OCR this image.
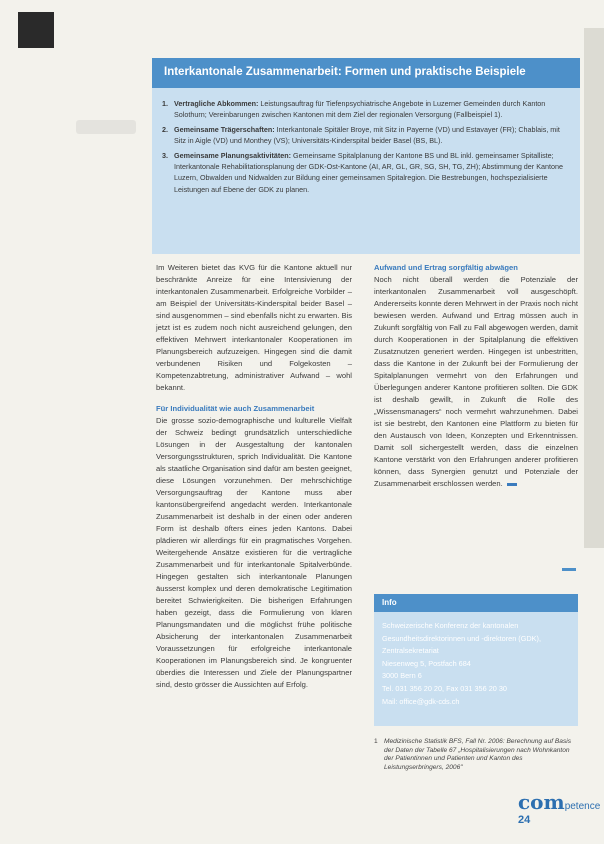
Interkantonale Zusammenarbeit: Formen und praktische Beispiele
1. Vertragliche Abkommen: Leistungsauftrag für Tiefenpsychiatrische Angebote in Luzerner Gemeinden durch Kanton Solothurn; Vereinbarungen zwischen Kantonen mit dem Ziel der regionalen Versorgung (Fallbeispiel 1).
2. Gemeinsame Trägerschaften: Interkantonale Spitäler Broye, mit Sitz in Payerne (VD) und Estavayer (FR); Chablais, mit Sitz in Aigle (VD) und Monthey (VS); Universitäts-Kinderspital beider Basel (BS, BL).
3. Gemeinsame Planungsaktivitäten: Gemeinsame Spitalplanung der Kantone BS und BL inkl. gemeinsamer Spitalliste; Interkantonale Rehabilitationsplanung der GDK-Ost-Kantone (AI, AR, GL, GR, SG, SH, TG, ZH); Abstimmung der Kantone Luzern, Obwalden und Nidwalden zur Bildung einer gemeinsamen Spitalregion. Die Bestrebungen, hochspezialisierte Leistungen auf Ebene der GDK zu planen.

Im Weiteren bietet das KVG für die Kantone aktuell nur beschränkte Anreize für eine Intensivierung der interkantonalen Zusammenarbeit. Erfolgreiche Vorbilder – am Beispiel der Universitäts-Kinderspital beider Basel – sind ausgenommen – sind ebenfalls nicht zu erwarten. Bis jetzt ist es zudem noch nicht ausreichend gelungen, den effektiven Mehrwert interkantonaler Kooperationen im Planungsbereich aufzuzeigen. Hingegen sind die damit verbundenen Risiken und Folgekosten – Kompetenzabtretung, administrativer Aufwand – wohl bekannt.

Für Individualität wie auch Zusammenarbeit

Die grosse sozio-demographische und kulturelle Vielfalt der Schweiz bedingt grundsätzlich unterschiedliche Lösungen in der Ausgestaltung der kantonalen Versorgungsstrukturen, sprich Individualität. Die Kantone als staatliche Organisation sind dafür am besten geeignet, diese Lösungen vorzunehmen. Der mehrschichtige Versorgungsauftrag der Kantone muss aber kantonsübergreifend angedacht werden. Interkantonale Zusammenarbeit ist deshalb in der einen oder anderen Form ist deshalb öfters eines jeden Kantons. Dabei plädieren wir allerdings für ein pragmatisches Vorgehen. Weitergehende Ansätze existieren für die vertragliche Zusammenarbeit und für interkantonale Spitalverbünde. Hingegen gestalten sich interkantonale Planungen äusserst komplex und deren demokratische Legitimation bereitet Schwierigkeiten. Die bisherigen Erfahrungen haben gezeigt, dass die Formulierung von klaren Planungsmandaten und die möglichst frühe politische Absicherung der interkantonalen Zusammenarbeit Voraussetzungen für erfolgreiche interkantonale Kooperationen im Planungsbereich sind. Je kongruenter überdies die Interessen und Ziele der Planungspartner sind, desto grösser die Aussichten auf Erfolg.

Aufwand und Ertrag sorgfältig abwägen

Noch nicht überall werden die Potenziale der interkantonalen Zusammenarbeit voll ausgeschöpft. Andererseits konnte deren Mehrwert in der Praxis noch nicht bewiesen werden. Aufwand und Ertrag müssen auch in Zukunft sorgfältig von Fall zu Fall abgewogen werden, damit durch Kooperationen in der Spitalplanung die effektiven Zusatznutzen generiert werden. Hingegen ist unbestritten, dass die Kantone in der Zukunft bei der Formulierung der Spitalplanungen vermehrt von den Erfahrungen und Überlegungen anderer Kantone profitieren sollten. Die GDK ist deshalb gewillt, in Zukunft die Rolle des „Wissensmanagers“ noch vermehrt wahrzunehmen. Dabei ist sie bestrebt, den Kantonen eine Plattform zu bieten für den Austausch von Ideen, Konzepten und Erkenntnissen. Damit soll sichergestellt werden, dass die einzelnen Kantone verstärkt von den Erfahrungen anderer profitieren können, dass Synergien genutzt und Potenziale der Zusammenarbeit erschlossen werden.

Info
Schweizerische Konferenz der kantonalen Gesundheitsdirektorinnen und -direktoren (GDK), Zentralsekretariat
Niesenweg 5, Postfach 684
3000 Bern 6
Tel. 031 356 20 20, Fax 031 356 20 30
Mail: office@gdk-cds.ch
1 Medizinische Statistik BFS, Fall Nr. 2006: Berechnung auf Basis der Daten der Tabelle 67 „Hospitalisierungen nach Wohnkanton der Patientinnen und Patienten und Kanton des Leistungserbringers, 2006"
competence
24
